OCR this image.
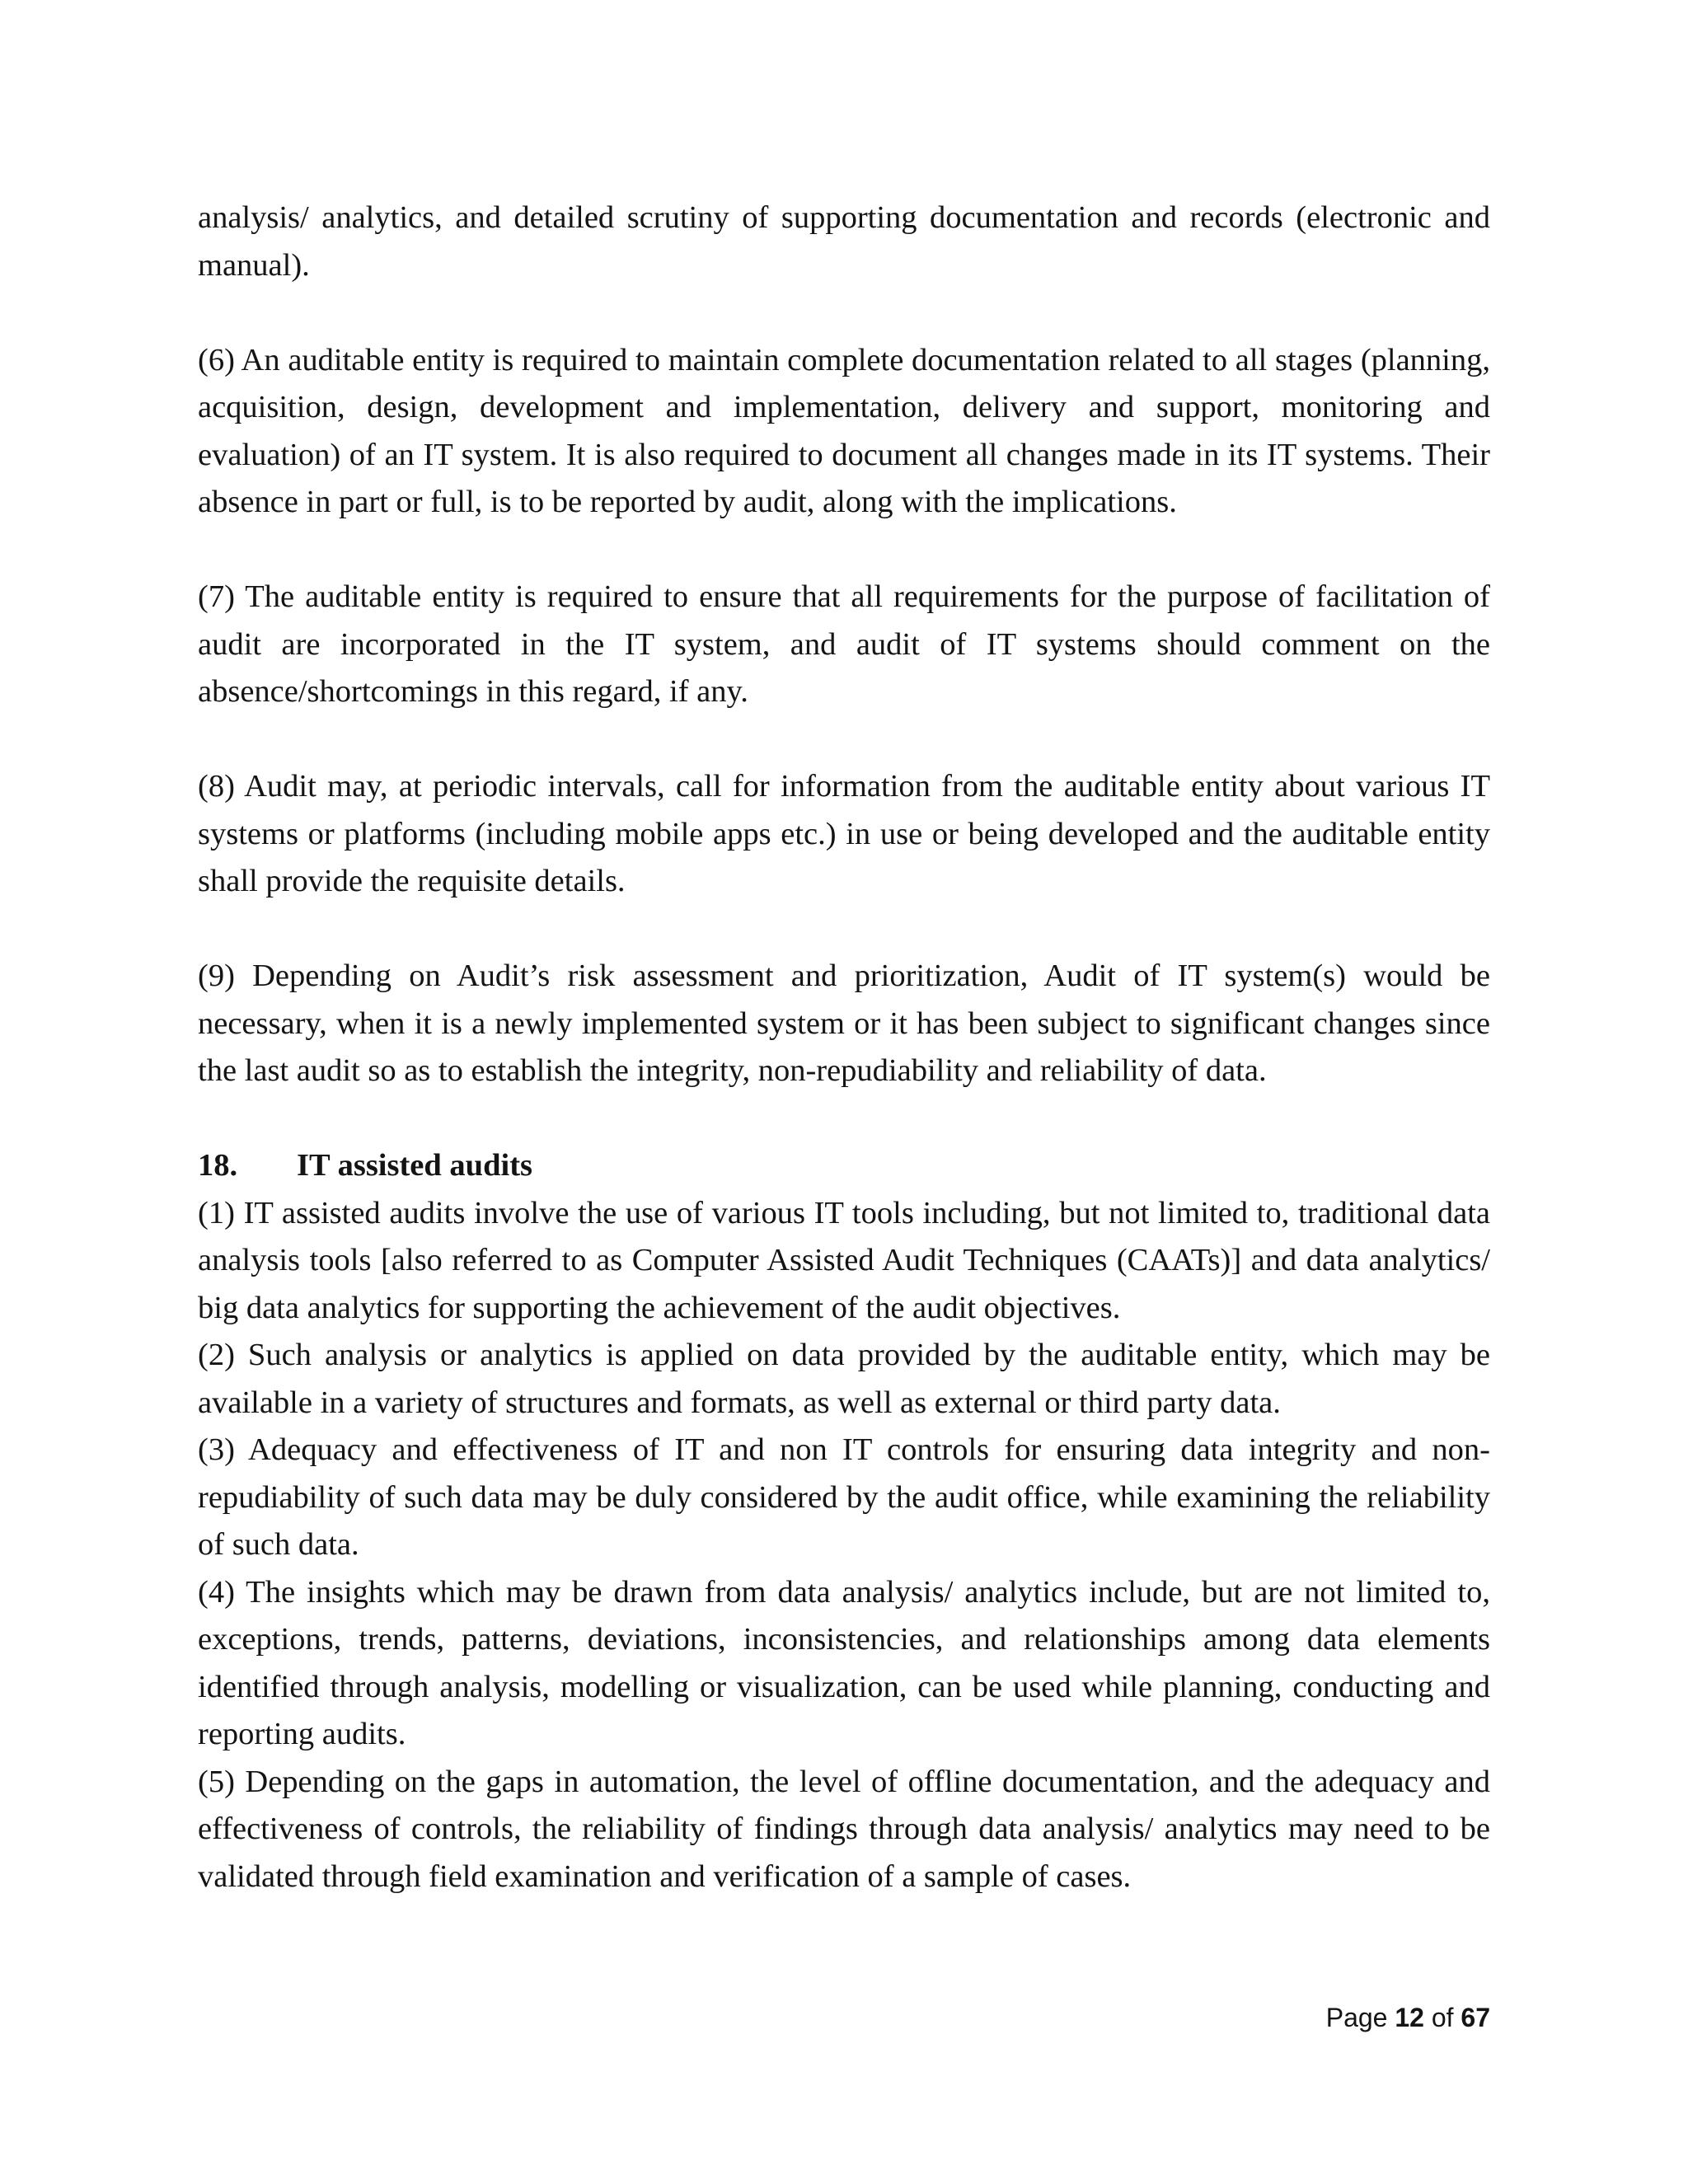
analysis/ analytics, and detailed scrutiny of supporting documentation and records (electronic and manual).

(6) An auditable entity is required to maintain complete documentation related to all stages (planning, acquisition, design, development and implementation, delivery and support, monitoring and evaluation) of an IT system. It is also required to document all changes made in its IT systems. Their absence in part or full, is to be reported by audit, along with the implications.

(7) The auditable entity is required to ensure that all requirements for the purpose of facilitation of audit are incorporated in the IT system, and audit of IT systems should comment on the absence/shortcomings in this regard, if any.

(8) Audit may, at periodic intervals, call for information from the auditable entity about various IT systems or platforms (including mobile apps etc.) in use or being developed and the auditable entity shall provide the requisite details.

(9) Depending on Audit’s risk assessment and prioritization, Audit of IT system(s) would be necessary, when it is a newly implemented system or it has been subject to significant changes since the last audit so as to establish the integrity, non-repudiability and reliability of data.

18. IT assisted audits

(1) IT assisted audits involve the use of various IT tools including, but not limited to, traditional data analysis tools [also referred to as Computer Assisted Audit Techniques (CAATs)] and data analytics/ big data analytics for supporting the achievement of the audit objectives.

(2) Such analysis or analytics is applied on data provided by the auditable entity, which may be available in a variety of structures and formats, as well as external or third party data.

(3) Adequacy and effectiveness of IT and non IT controls for ensuring data integrity and non-repudiability of such data may be duly considered by the audit office, while examining the reliability of such data.

(4) The insights which may be drawn from data analysis/ analytics include, but are not limited to, exceptions, trends, patterns, deviations, inconsistencies, and relationships among data elements identified through analysis, modelling or visualization, can be used while planning, conducting and reporting audits.

(5) Depending on the gaps in automation, the level of offline documentation, and the adequacy and effectiveness of controls, the reliability of findings through data analysis/ analytics may need to be validated through field examination and verification of a sample of cases.

Page 12 of 67
